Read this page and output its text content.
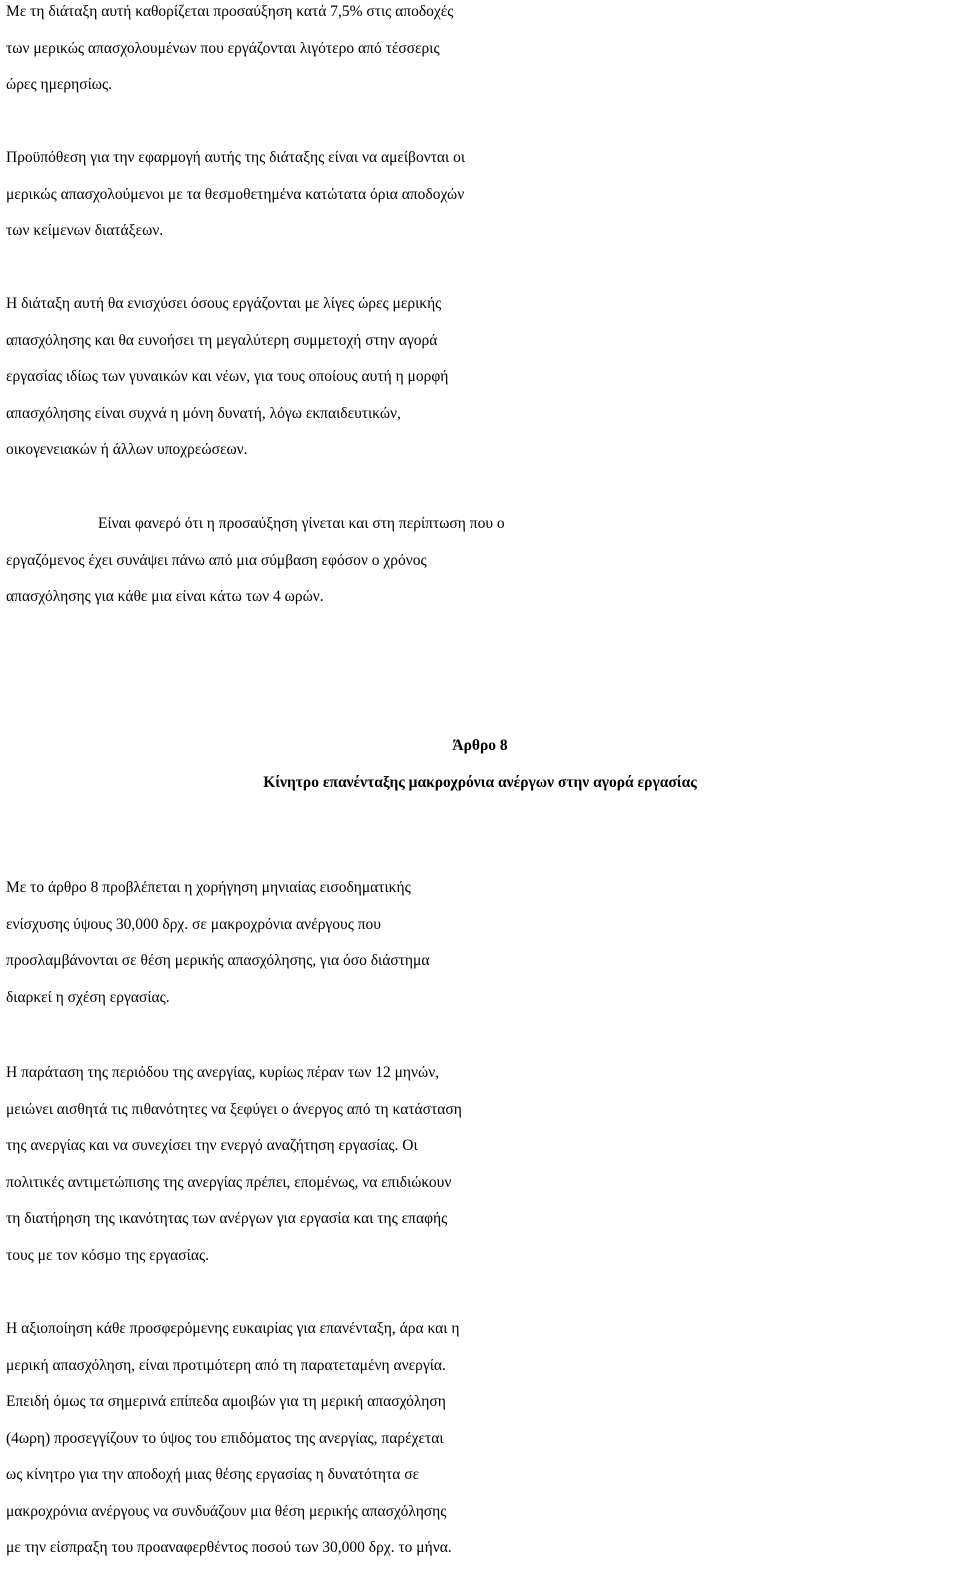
Με τη διάταξη αυτή καθορίζεται προσαύξηση κατά 7,5% στις αποδοχές
των μερικώς απασχολουμένων που εργάζονται λιγότερο από τέσσερις
ώρες ημερησίως.

Προϋπόθεση για την εφαρμογή αυτής της διάταξης είναι να αμείβονται οι
μερικώς απασχολούμενοι με τα θεσμοθετημένα κατώτατα όρια αποδοχών
των κείμενων διατάξεων.

Η διάταξη αυτή θα ενισχύσει όσους εργάζονται με λίγες ώρες μερικής
απασχόλησης και θα ευνοήσει τη μεγαλύτερη συμμετοχή στην αγορά
εργασίας ιδίως των γυναικών και νέων, για τους οποίους αυτή η μορφή
απασχόλησης είναι συχνά η μόνη δυνατή, λόγω εκπαιδευτικών,
οικογενειακών ή άλλων υποχρεώσεων.

Είναι φανερό ότι η προσαύξηση γίνεται και στη περίπτωση που ο
εργαζόμενος έχει συνάψει πάνω από μια σύμβαση εφόσον ο χρόνος
απασχόλησης για κάθε μια είναι κάτω των 4 ωρών.

Άρθρο 8

Κίνητρο επανένταξης μακροχρόνια ανέργων στην αγορά εργασίας

Με το άρθρο 8 προβλέπεται η χορήγηση μηνιαίας εισοδηματικής
ενίσχυσης ύψους 30,000 δρχ. σε μακροχρόνια ανέργους που
προσλαμβάνονται σε θέση μερικής απασχόλησης, για όσο διάστημα
διαρκεί η σχέση εργασίας.

Η παράταση της περιόδου της ανεργίας, κυρίως πέραν των 12 μηνών,
μειώνει αισθητά τις πιθανότητες να ξεφύγει ο άνεργος από τη κατάσταση
της ανεργίας και να συνεχίσει την ενεργό αναζήτηση εργασίας. Οι
πολιτικές αντιμετώπισης της ανεργίας πρέπει, επομένως, να επιδιώκουν
τη διατήρηση της ικανότητας των ανέργων για εργασία και της επαφής
τους με τον κόσμο της εργασίας.

Η αξιοποίηση κάθε προσφερόμενης ευκαιρίας για επανένταξη, άρα και η
μερική απασχόληση, είναι προτιμότερη από τη παρατεταμένη ανεργία.
Επειδή όμως τα σημερινά επίπεδα αμοιβών για τη μερική απασχόληση
(4ωρη) προσεγγίζουν το ύψος του επιδόματος της ανεργίας, παρέχεται
ως κίνητρο για την αποδοχή μιας θέσης εργασίας η δυνατότητα σε
μακροχρόνια ανέργους να συνδυάζουν μια θέση μερικής απασχόλησης
με την είσπραξη του προαναφερθέντος ποσού των 30,000 δρχ. το μήνα.
